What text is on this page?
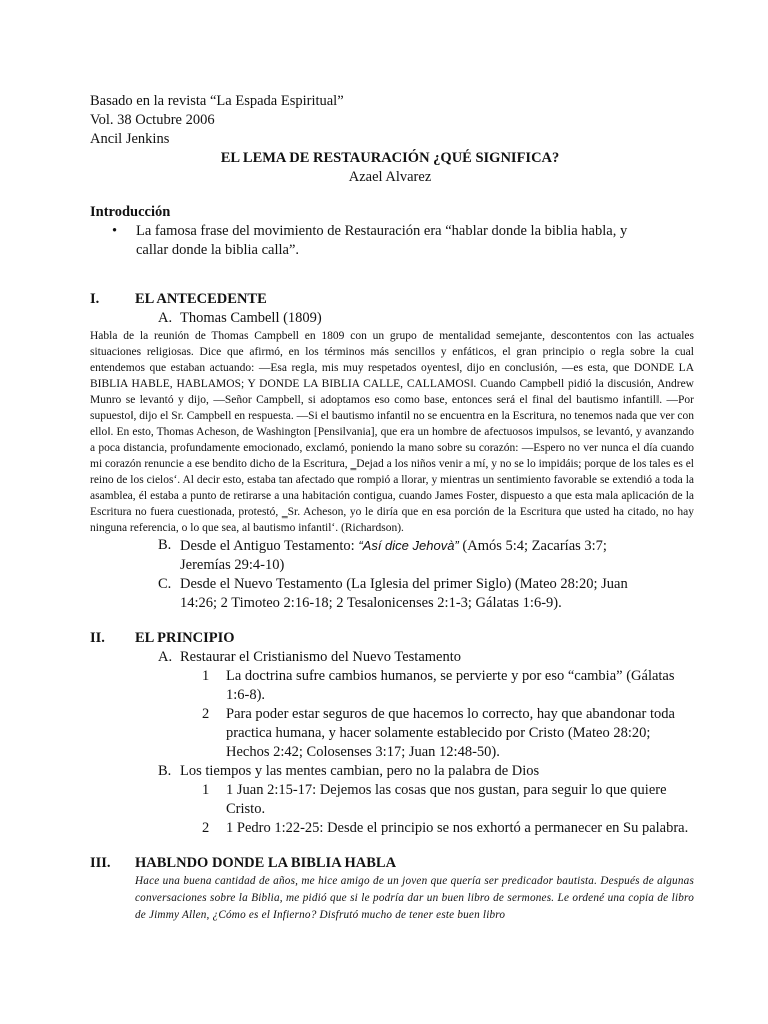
Basado en la revista “La Espada Espiritual”
Vol. 38 Octubre 2006
Ancil Jenkins
EL LEMA DE RESTAURACIÓN ¿QUÉ SIGNIFICA?
Azael Alvarez
Introducción
•	La famosa frase del movimiento de Restauración era “hablar donde la biblia habla, y
callar donde la biblia calla”.
I.	EL ANTECEDENTE
A. Thomas Cambell (1809)
Habla de la reunión de Thomas Campbell en 1809 con un grupo de mentalidad semejante, descontentos con las actuales situaciones religiosas. Dice que afirmó, en los términos más sencillos y enfáticos, el gran principio o regla sobre la cual entendemos que estaban actuando: —Esa regla, mis muy respetados oyentes‖, dijo en conclusión, —es esta, que DONDE LA BIBLIA HABLE, HABLAMOS; Y DONDE LA BIBLIA CALLE, CALLAMOS‖. Cuando Campbell pidió la discusión, Andrew Munro se levantó y dijo, —Señor Campbell, si adoptamos eso como base, entonces será el final del bautismo infantil‖. —Por supuesto‖, dijo el Sr. Campbell en respuesta. —Si el bautismo infantil no se encuentra en la Escritura, no tenemos nada que ver con ello‖. En esto, Thomas Acheson, de Washington [Pensilvania], que era un hombre de afectuosos impulsos, se levantó, y avanzando a poca distancia, profundamente emocionado, exclamó, poniendo la mano sobre su corazón: —Espero no ver nunca el día cuando mi corazón renuncie a ese bendito dicho de la Escritura, ‗Dejad a los niños venir a mí, y no se lo impidáis; porque de los tales es el reino de los cielos‘. Al decir esto, estaba tan afectado que rompió a llorar, y mientras un sentimiento favorable se extendió a toda la asamblea, él estaba a punto de retirarse a una habitación contigua, cuando James Foster, dispuesto a que esta mala aplicación de la Escritura no fuera cuestionada, protestó, ‗Sr. Acheson, yo le diría que en esa porción de la Escritura que usted ha citado, no hay ninguna referencia, o lo que sea, al bautismo infantil‘. (Richardson).
B. Desde el Antiguo Testamento: “Así dice Jehovà” (Amós 5:4; Zacarías 3:7;
Jeremías 29:4-10)
C. Desde el Nuevo Testamento (La Iglesia del primer Siglo) (Mateo 28:20; Juan
14:26; 2 Timoteo 2:16-18; 2 Tesalonicenses 2:1-3; Gálatas 1:6-9).
II.	EL PRINCIPIO
A. Restaurar el Cristianismo del Nuevo Testamento
1	La doctrina sufre cambios humanos, se pervierte y por eso “cambia” (Gálatas 1:6-8).
2	Para poder estar seguros de que hacemos lo correcto, hay que abandonar toda practica humana, y hacer solamente establecido por Cristo (Mateo 28:20; Hechos 2:42; Colosenses 3:17; Juan 12:48-50).
B. Los tiempos y las mentes cambian, pero no la palabra de Dios
1	1 Juan 2:15-17: Dejemos las cosas que nos gustan, para seguir lo que quiere Cristo.
2	1 Pedro 1:22-25: Desde el principio se nos exhortó a permanecer en Su palabra.
III.	HABLNDO DONDE LA BIBLIA HABLA
Hace una buena cantidad de años, me hice amigo de un joven que quería ser predicador bautista. Después de algunas conversaciones sobre la Biblia, me pidió que si le podría dar un buen libro de sermones. Le ordené una copia de libro de Jimmy Allen, ¿Cómo es el Infierno? Disfrutó mucho de tener este buen libro
